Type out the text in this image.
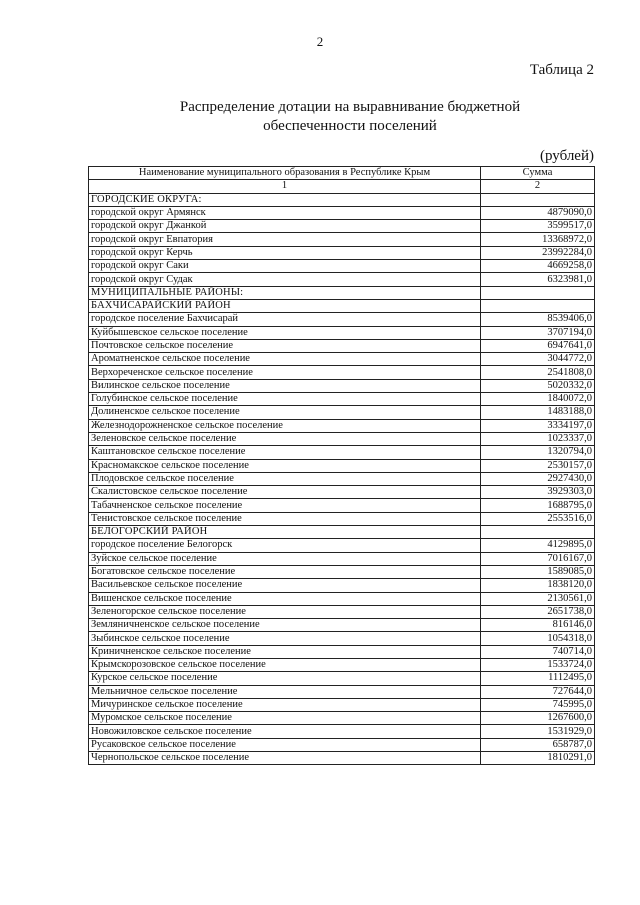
2
Таблица 2
Распределение дотации на выравнивание бюджетной
обеспеченности поселений
(рублей)
Наименование муниципального образования в Республике Крым	Сумма
1	2
ГОРОДСКИЕ ОКРУГА:	
городской округ Армянск	4879090,0
городской округ Джанкой	3599517,0
городской округ Евпатория	13368972,0
городской округ Керчь	23992284,0
городской округ Саки	4669258,0
городской округ Судак	6323981,0
МУНИЦИПАЛЬНЫЕ РАЙОНЫ:	
БАХЧИСАРАЙСКИЙ РАЙОН	
городское поселение Бахчисарай	8539406,0
Куйбышевское сельское поселение	3707194,0
Почтовское сельское поселение	6947641,0
Ароматненское сельское поселение	3044772,0
Верхореченское сельское поселение	2541808,0
Вилинское сельское поселение	5020332,0
Голубинское сельское поселение	1840072,0
Долиненское сельское поселение	1483188,0
Железнодорожненское сельское поселение	3334197,0
Зеленовское сельское поселение	1023337,0
Каштановское сельское поселение	1320794,0
Красномакское сельское поселение	2530157,0
Плодовское сельское поселение	2927430,0
Скалистовское сельское поселение	3929303,0
Табачненское сельское поселение	1688795,0
Тенистовское сельское поселение	2553516,0
БЕЛОГОРСКИЙ РАЙОН	
городское поселение Белогорск	4129895,0
Зуйское сельское поселение	7016167,0
Богатовское сельское поселение	1589085,0
Васильевское сельское поселение	1838120,0
Вишенское сельское поселение	2130561,0
Зеленогорское сельское поселение	2651738,0
Земляничненское сельское поселение	816146,0
Зыбинское сельское поселение	1054318,0
Криничненское сельское поселение	740714,0
Крымскорозовское сельское поселение	1533724,0
Курское сельское поселение	1112495,0
Мельничное сельское поселение	727644,0
Мичуринское сельское поселение	745995,0
Муромское сельское поселение	1267600,0
Новожиловское сельское поселение	1531929,0
Русаковское сельское поселение	658787,0
Чернопольское сельское поселение	1810291,0
